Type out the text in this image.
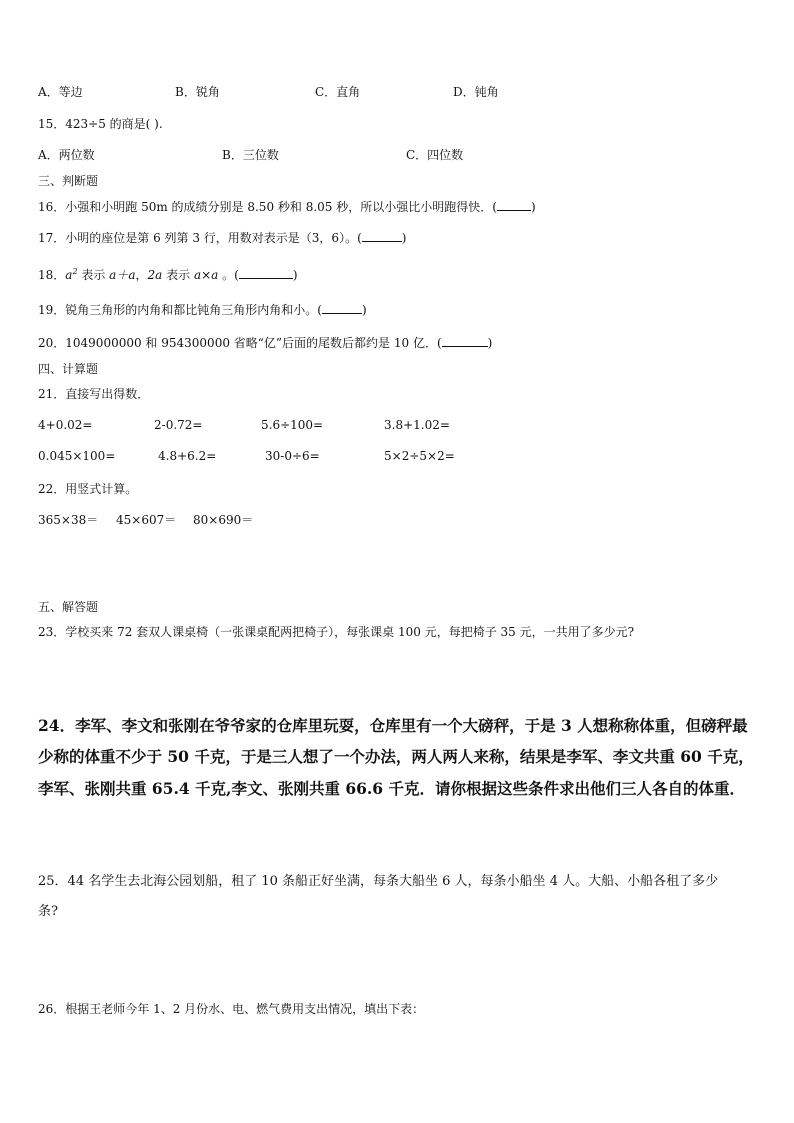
A．等边	B．锐角	C．直角	D．钝角
15．423÷5 的商是( ).
A．两位数	B．三位数	C．四位数
三、判断题
16．小强和小明跑 50m 的成绩分别是 8.50 秒和 8.05 秒，所以小强比小明跑得快．(	)
17．小明的座位是第 6 列第 3 行，用数对表示是（3，6）。(	)
18．$a^2$ 表示 a＋a，2a 表示 a×a 。(	)
19．锐角三角形的内角和都比钝角三角形内角和小。(	)
20．1049000000 和 954300000 省略“亿”后面的尾数后都约是 10 亿．(	)
四、计算题
21．直接写出得数．
4+0.02=	2-0.72=	5.6÷100=	3.8+1.02=
0.045×100=	4.8+6.2=	30-0÷6=	5×2÷5×2=
22．用竖式计算。
365×38＝ 45×607＝ 80×690＝
五、解答题
23．学校买来 72 套双人课桌椅（一张课桌配两把椅子），每张课桌 100 元，每把椅子 35 元，一共用了多少元?
24．李军、李文和张刚在爷爷家的仓库里玩耍，仓库里有一个大磅秤，于是 3 人想称称体重，但磅秤最
少称的体重不少于 50 千克，于是三人想了一个办法，两人两人来称，结果是李军、李文共重 60 千克，
李军、张刚共重 65.4 千克,李文、张刚共重 66.6 千克．请你根据这些条件求出他们三人各自的体重．
25．44 名学生去北海公园划船，租了 10 条船正好坐满，每条大船坐 6 人，每条小船坐 4 人。大船、小船各租了多少
条?
26．根据王老师今年 1、2 月份水、电、燃气费用支出情况，填出下表：
